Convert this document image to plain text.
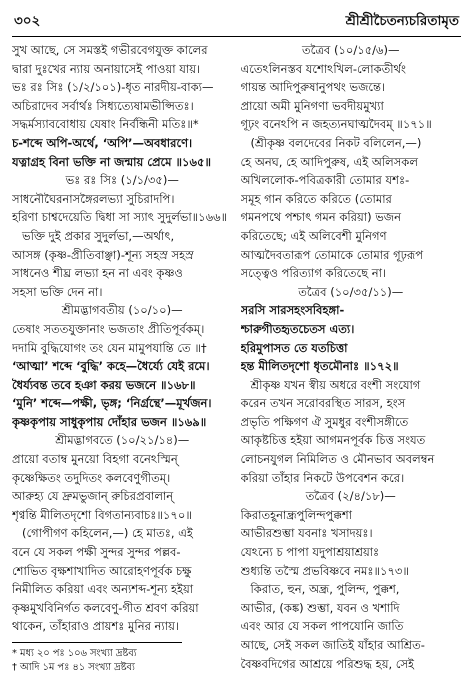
৩০২	শ্রীশ্রীচৈতন্যচরিতামৃত
সুখ আছে, সে সমস্তই গভীরবেগযুক্ত কালের
দ্বারা দুঃখের ন্যায় অনায়াসেই পাওয়া যায়।
ভঃ রঃ সিঃ (১/২/১০১)-ধৃত নারদীয়-বাক্য—
অচিরাদেব সর্বার্থঃ সিধ্যত্যেষামভীপ্সিতঃ।
সদ্ধর্মস্যাববোধায় যেষাং নির্বন্ধিনী মতিঃ॥*
চ-শব্দে অপি-অর্থে, ‘অপি’—অবধারণে।
যত্নাগ্রহ বিনা ভক্তি না জন্মায় প্রেমে ॥১৬৫॥
ভঃ রঃ সিঃ (১/১/৩৫)—
সাধনৌঘৈরনাসঙ্গৈরলভ্যা সুচিরাদপি।
হরিণা চাশ্বদেয়েতি দ্বিধা সা স্যাৎ সুদুর্লভা॥১৬৬॥
ভক্তি দুই প্রকার সুদুর্লভা,—অর্থাৎ,
আসঙ্গ (কৃষ্ণ-প্রীতিবাঞ্ছা)-শূন্য সহস্র সহস্র
সাধনেও শীঘ্র লভ্যা হন না এবং কৃষ্ণও
সহসা ভক্তি দেন না।
শ্রীমদ্ভাগবতীয় (১০/১০)—
তেষাং সততযুক্তানাং ভজতাং প্রীতিপূর্বকম্।
দদামি বুদ্ধিযোগং তং যেন মামুপযান্তি তে ॥†
‘আত্মা’ শব্দে ‘বুদ্ধি’ কহে—ধৈর্য্যে যেই রমে।
ধৈর্য্যবন্ত তবে হঞা করয় ভজনে ॥১৬৮॥
‘মুনি’ শব্দে—পক্ষী, ভৃঙ্গ; ‘নির্গ্রন্থে’—মূর্খজন।
কৃষ্ণকৃপায় সাধুকৃপায় দোঁহার ভজন ॥১৬৯॥
শ্রীমদ্ভাগবতে (১০/২১/১৪)—
প্রায়ো বতাম্ব মুনয়ো বিহগা বনেঽস্মিন্
কৃষ্ণেক্ষিতং তদুদিতং কলবেণুগীতম্।
আরুহ্য যে দ্রুমভুজান্ রুচিরপ্রবালান্
শৃণ্বন্তি মীলিতদৃশো বিগতান্যবাচঃ॥১৭০॥
(গোপীগণ কহিলেন,—) হে মাতঃ, এই
বনে যে সকল পক্ষী সুন্দর সুন্দর পল্লব-
শোভিত বৃক্ষশাখাদিত আরোহণপূর্বক চক্ষু
নিমীলিত করিয়া এবং অন্যশব্দ-শূন্য হইয়া
কৃষ্ণমুখবিনির্গত কলবেণু-গীত শ্রবণ করিয়া
থাকেন, তাঁহারাও প্রায়শঃ মুনির ন্যায়।
* মধ্য ২০ পঃ ১০৬ সংখ্যা দ্রষ্টব্য
† আদি ১ম পঃ ৪১ সংখ্যা দ্রষ্টব্য
তত্রৈব (১০/১৫/৬)—
এতেঽলিনস্তব যশোঽখিল-লোকতীর্থং
গায়ন্ত আদিপুরুষানুপথং ভজন্তে।
প্রায়ো অমী মুনিগণা ভবদীয়মুখ্যা
গূঢ়ং বনেঽপি ন জহত্যনঘাত্মদৈবম্ ॥১৭১॥
(শ্রীকৃষ্ণ বলদেবের নিকট বলিলেন,—)
হে অনঘ, হে আদিপুরুষ, এই অলিসকল
অখিললোক-পবিত্রকারী তোমার যশঃ-
সমূহ গান করিতে করিতে (তোমার
গমনপথে পশ্চাৎ গমন করিয়া) ভজন
করিতেছে; এই অলিবেশী মুনিগণ
আত্মদৈবতারূপ তোমাকে তোমার গূঢ়রূপ
সত্ত্বেও পরিত্যাগ করিতেছে না।
তত্রৈব (১০/৩৫/১১)—
সরসি সারসহংসবিহঙ্গা-
শ্চারুগীতহৃতচেতস এত্য।
হরিমুপাসত তে যতচিত্তা
হন্ত মীলিতদৃশো ধৃতমৌনাঃ ॥১৭২॥
শ্রীকৃষ্ণ যখন স্বীয় অধরে বংশী সংযোগ
করেন তখন সরোবরস্থিত সারস, হংস
প্রভৃতি পক্ষিগণ ঐ সুমধুর বংশীসঙ্গীতে
আকৃষ্টচিত্ত হইয়া আগমনপূর্বক চিত্ত সংযত
লোচনযুগল নিমিলিত ও মৌনভাব অবলম্বন
করিয়া তাঁহার নিকটে উপবেশন করে।
তত্রৈব (২/৪/১৮)—
কিরাতহূনান্ধ্রপুলিন্দপুক্কশা
আভীরশুম্ভা যবনাঃ খসাদয়ঃ।
যেঽন্যে চ পাপা যদুপাশ্রয়াশ্রয়াঃ
শুধ্যন্তি তস্মৈ প্রভবিষ্ণবে নমঃ॥১৭৩॥
কিরাত, হুন, অন্ধ্র, পুলিন্দ, পুক্কশ,
আভীর, (কঙ্ক) শুম্ভা, যবন ও খশাদি
এবং আর যে সকল পাপযোনি জাতি
আছে, সেই সকল জাতিই যাঁহার আশ্রিত-
বৈষ্ণবদিগের আশ্রয়ে পরিশুদ্ধ হয়, সেই
